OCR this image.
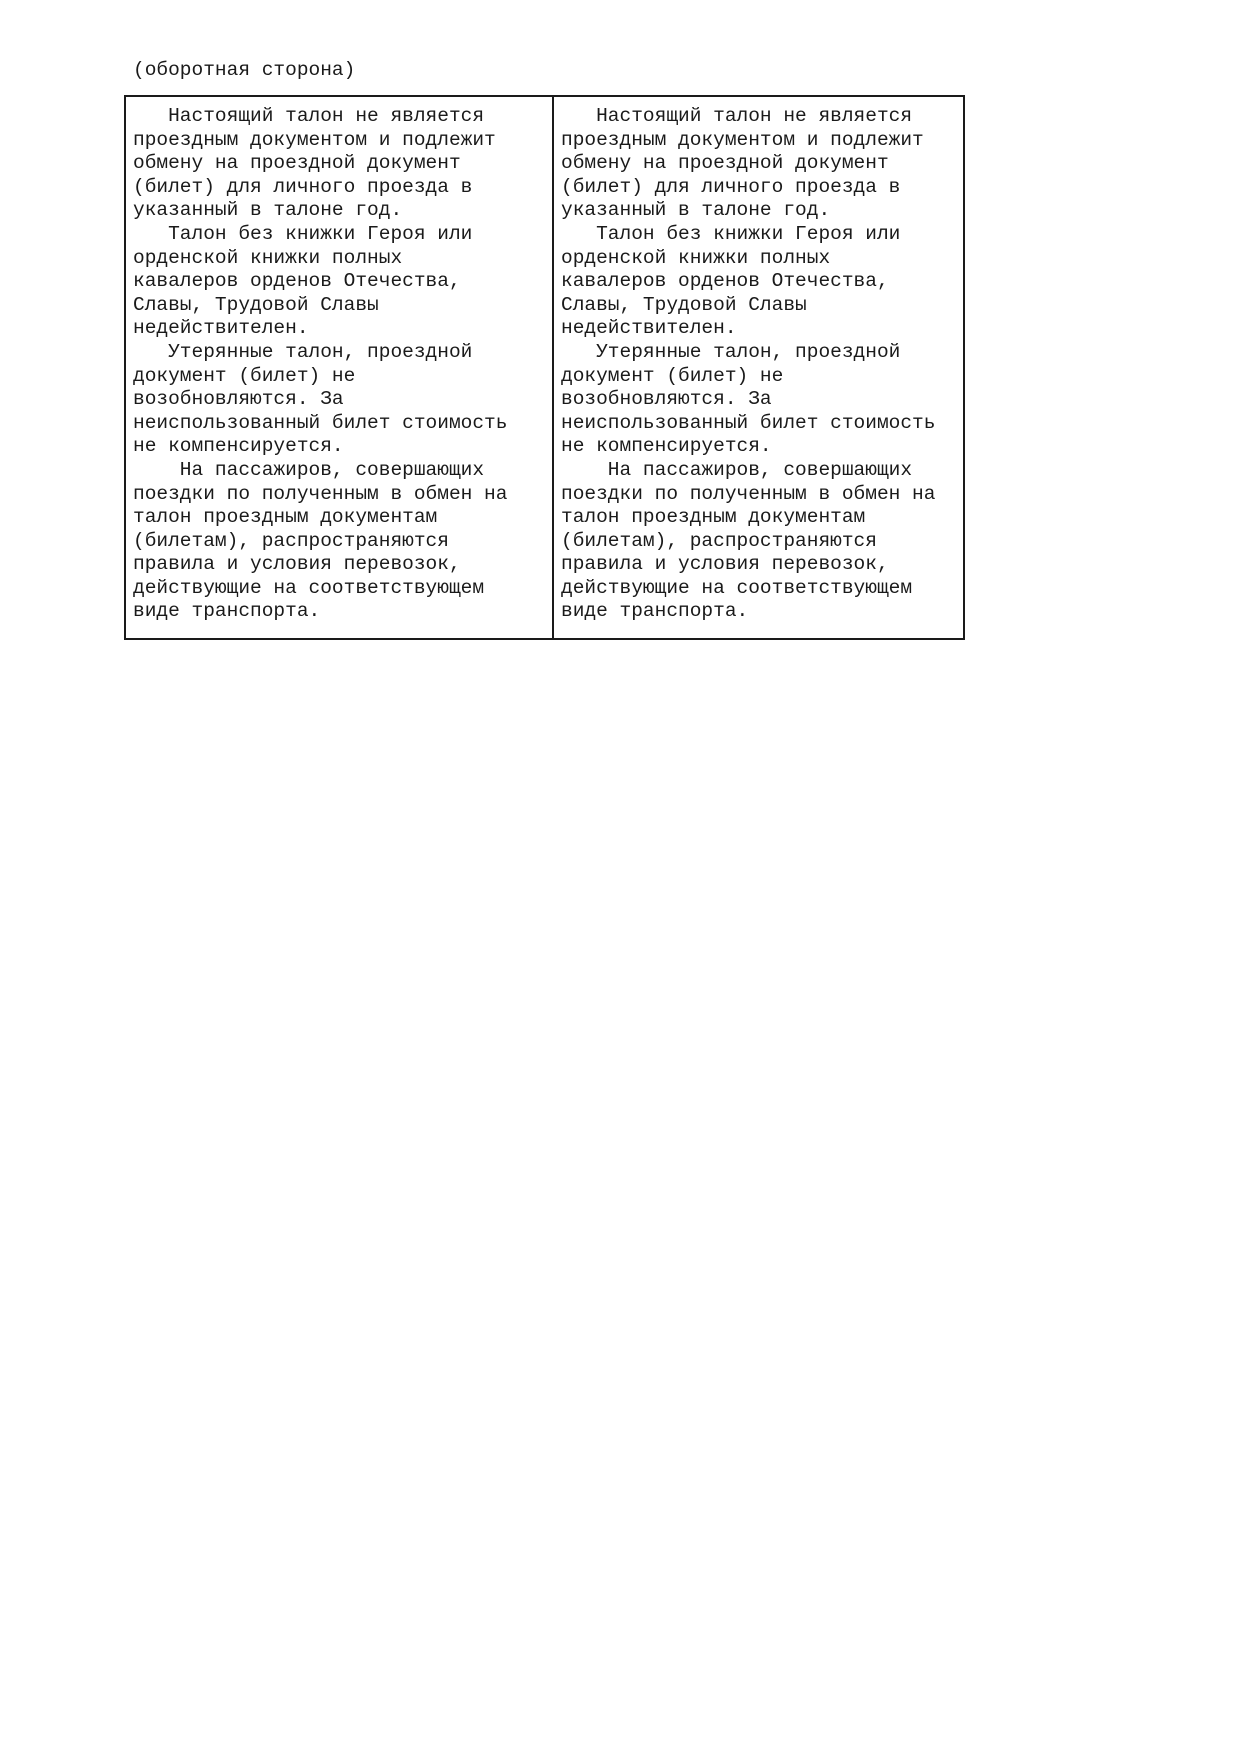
(оборотная сторона)
Настоящий талон не является
проездным документом и подлежит
обмену на проездной документ
(билет) для личного проезда в
указанный в талоне год.
Талон без книжки Героя или
орденской книжки полных
кавалеров орденов Отечества,
Славы, Трудовой Славы
недействителен.
Утерянные талон, проездной
документ (билет) не
возобновляются. За
неиспользованный билет стоимость
не компенсируется.
На пассажиров, совершающих
поездки по полученным в обмен на
талон проездным документам
(билетам), распространяются
правила и условия перевозок,
действующие на соответствующем
виде транспорта.
Настоящий талон не является
проездным документом и подлежит
обмену на проездной документ
(билет) для личного проезда в
указанный в талоне год.
Талон без книжки Героя или
орденской книжки полных
кавалеров орденов Отечества,
Славы, Трудовой Славы
недействителен.
Утерянные талон, проездной
документ (билет) не
возобновляются. За
неиспользованный билет стоимость
не компенсируется.
На пассажиров, совершающих
поездки по полученным в обмен на
талон проездным документам
(билетам), распространяются
правила и условия перевозок,
действующие на соответствующем
виде транспорта.
